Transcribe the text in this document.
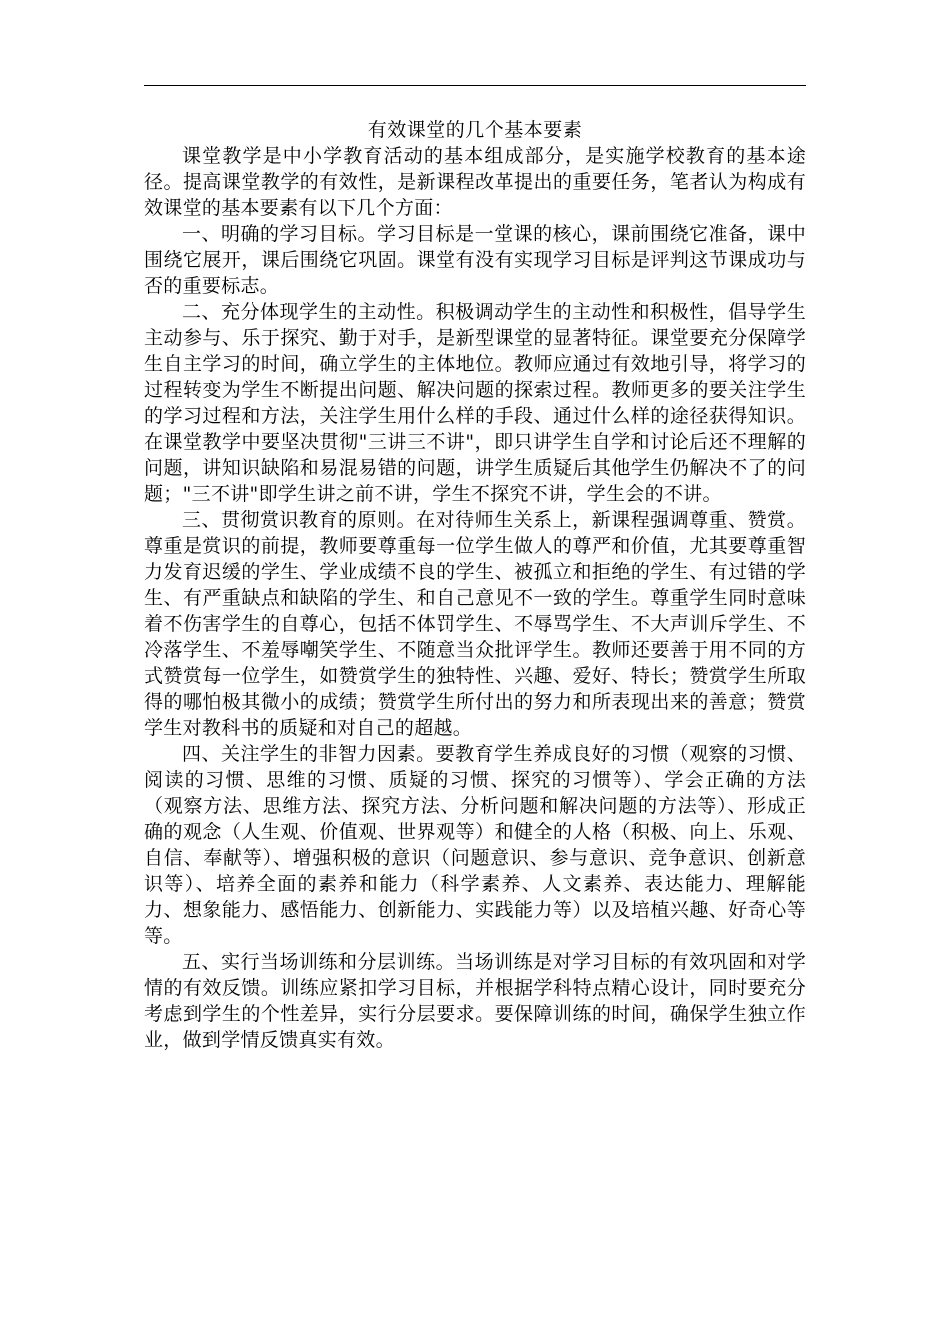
有效课堂的几个基本要素

课堂教学是中小学教育活动的基本组成部分，是实施学校教育的基本途径。提高课堂教学的有效性，是新课程改革提出的重要任务，笔者认为构成有效课堂的基本要素有以下几个方面：

一、明确的学习目标。学习目标是一堂课的核心，课前围绕它准备，课中围绕它展开，课后围绕它巩固。课堂有没有实现学习目标是评判这节课成功与否的重要标志。

二、充分体现学生的主动性。积极调动学生的主动性和积极性，倡导学生主动参与、乐于探究、勤于对手，是新型课堂的显著特征。课堂要充分保障学生自主学习的时间，确立学生的主体地位。教师应通过有效地引导，将学习的过程转变为学生不断提出问题、解决问题的探索过程。教师更多的要关注学生的学习过程和方法，关注学生用什么样的手段、通过什么样的途径获得知识。在课堂教学中要坚决贯彻"三讲三不讲"，即只讲学生自学和讨论后还不理解的问题，讲知识缺陷和易混易错的问题，讲学生质疑后其他学生仍解决不了的问题；"三不讲"即学生讲之前不讲，学生不探究不讲，学生会的不讲。

三、贯彻赏识教育的原则。在对待师生关系上，新课程强调尊重、赞赏。尊重是赏识的前提，教师要尊重每一位学生做人的尊严和价值，尤其要尊重智力发育迟缓的学生、学业成绩不良的学生、被孤立和拒绝的学生、有过错的学生、有严重缺点和缺陷的学生、和自己意见不一致的学生。尊重学生同时意味着不伤害学生的自尊心，包括不体罚学生、不辱骂学生、不大声训斥学生、不冷落学生、不羞辱嘲笑学生、不随意当众批评学生。教师还要善于用不同的方式赞赏每一位学生，如赞赏学生的独特性、兴趣、爱好、特长；赞赏学生所取得的哪怕极其微小的成绩；赞赏学生所付出的努力和所表现出来的善意；赞赏学生对教科书的质疑和对自己的超越。

四、关注学生的非智力因素。要教育学生养成良好的习惯（观察的习惯、阅读的习惯、思维的习惯、质疑的习惯、探究的习惯等）、学会正确的方法（观察方法、思维方法、探究方法、分析问题和解决问题的方法等）、形成正确的观念（人生观、价值观、世界观等）和健全的人格（积极、向上、乐观、自信、奉献等）、增强积极的意识（问题意识、参与意识、竞争意识、创新意识等）、培养全面的素养和能力（科学素养、人文素养、表达能力、理解能力、想象能力、感悟能力、创新能力、实践能力等）以及培植兴趣、好奇心等等。

五、实行当场训练和分层训练。当场训练是对学习目标的有效巩固和对学情的有效反馈。训练应紧扣学习目标，并根据学科特点精心设计，同时要充分考虑到学生的个性差异，实行分层要求。要保障训练的时间，确保学生独立作业，做到学情反馈真实有效。
